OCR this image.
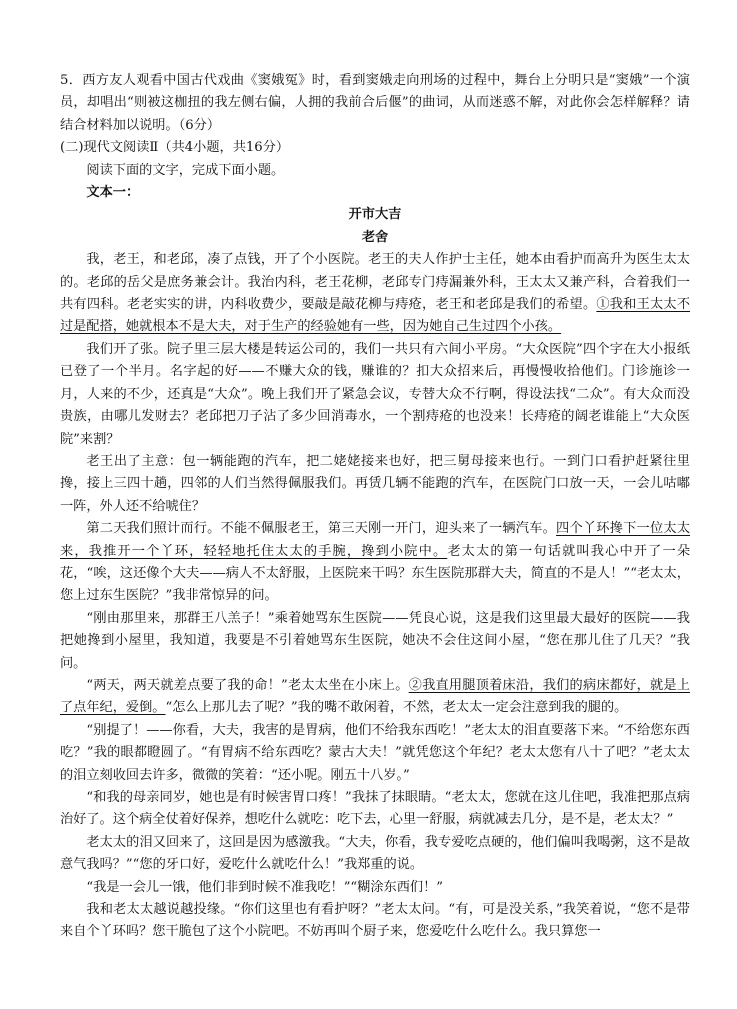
5．西方友人观看中国古代戏曲《窦娥冤》时，看到窦娥走向刑场的过程中，舞台上分明只是“窦娥”一个演员，却唱出“则被这枷扭的我左侧右偏，人拥的我前合后偃”的曲词，从而迷惑不解，对此你会怎样解释？请结合材料加以说明。（6分）

(二)现代文阅读Ⅱ（共4小题，共16分）

阅读下面的文字，完成下面小题。

文本一：

开市大吉

老舍

我，老王，和老邱，凑了点钱，开了个小医院。老王的夫人作护士主任，她本由看护而高升为医生太太的。老邱的岳父是庶务兼会计。我治内科，老王花柳，老邱专门痔漏兼外科，王太太又兼产科，合着我们一共有四科。老老实实的讲，内科收费少，要敲是敲花柳与痔疮，老王和老邱是我们的希望。①我和王太太不过是配搭，她就根本不是大夫，对于生产的经验她有一些，因为她自己生过四个小孩。

我们开了张。院子里三层大楼是转运公司的，我们一共只有六间小平房。“大众医院”四个字在大小报纸已登了一个半月。名字起的好——不赚大众的钱，赚谁的？扣大众招来后，再慢慢收拾他们。门诊施诊一月，人来的不少，还真是“大众”。晚上我们开了紧急会议，专替大众不行啊，得设法找“二众”。有大众而没贵族，由哪儿发财去？老邱把刀子沾了多少回消毒水，一个割痔疮的也没来！长痔疮的阔老谁能上“大众医院”来割？

老王出了主意：包一辆能跑的汽车，把二姥姥接来也好，把三舅母接来也行。一到门口看护赶紧往里搀，接上三四十趟，四邻的人们当然得佩服我们。再赁几辆不能跑的汽车，在医院门口放一天，一会儿咕嘟一阵，外人还不给唬住？

第二天我们照计而行。不能不佩服老王，第三天刚一开门，迎头来了一辆汽车。四个丫环搀下一位太太来，我推开一个丫环，轻轻地托住太太的手腕，搀到小院中。老太太的第一句话就叫我心中开了一朵花，“唉，这还像个大夫——病人不太舒服，上医院来干吗？东生医院那群大夫，简直的不是人！”“老太太，您上过东生医院？”我非常惊异的问。

“刚由那里来，那群王八羔子！”乘着她骂东生医院——凭良心说，这是我们这里最大最好的医院——我把她搀到小屋里，我知道，我要是不引着她骂东生医院，她决不会住这间小屋，“您在那儿住了几天？”我问。

“两天，两天就差点要了我的命！”老太太坐在小床上。②我直用腿顶着床沿，我们的病床都好，就是上了点年纪，爱倒。“怎么上那儿去了呢？”我的嘴不敢闲着，不然，老太太一定会注意到我的腿的。

“别提了！——你看，大夫，我害的是胃病，他们不给我东西吃！”老太太的泪直要落下来。“不给您东西吃？”我的眼都瞪圆了。“有胃病不给东西吃？蒙古大夫！”就凭您这个年纪？老太太您有八十了吧？”老太太的泪立刻收回去许多，微微的笑着：“还小呢。刚五十八岁。”

“和我的母亲同岁，她也是有时候害胃口疼！”我抹了抹眼睛。“老太太，您就在这儿住吧，我准把那点病治好了。这个病全仗着好保养，想吃什么就吃：吃下去，心里一舒服，病就减去几分，是不是，老太太？”

老太太的泪又回来了，这回是因为感激我。“大夫，你看，我专爱吃点硬的，他们偏叫我喝粥，这不是故意气我吗？”“您的牙口好，爱吃什么就吃什么！”我郑重的说。

“我是一会儿一饿，他们非到时候不准我吃！”“糊涂东西们！”

我和老太太越说越投缘。“你们这里也有看护呀？”老太太问。“有，可是没关系，”我笑着说，“您不是带来自个丫环吗？您干脆包了这个小院吧。不妨再叫个厨子来，您爱吃什么吃什么。我只算您一
